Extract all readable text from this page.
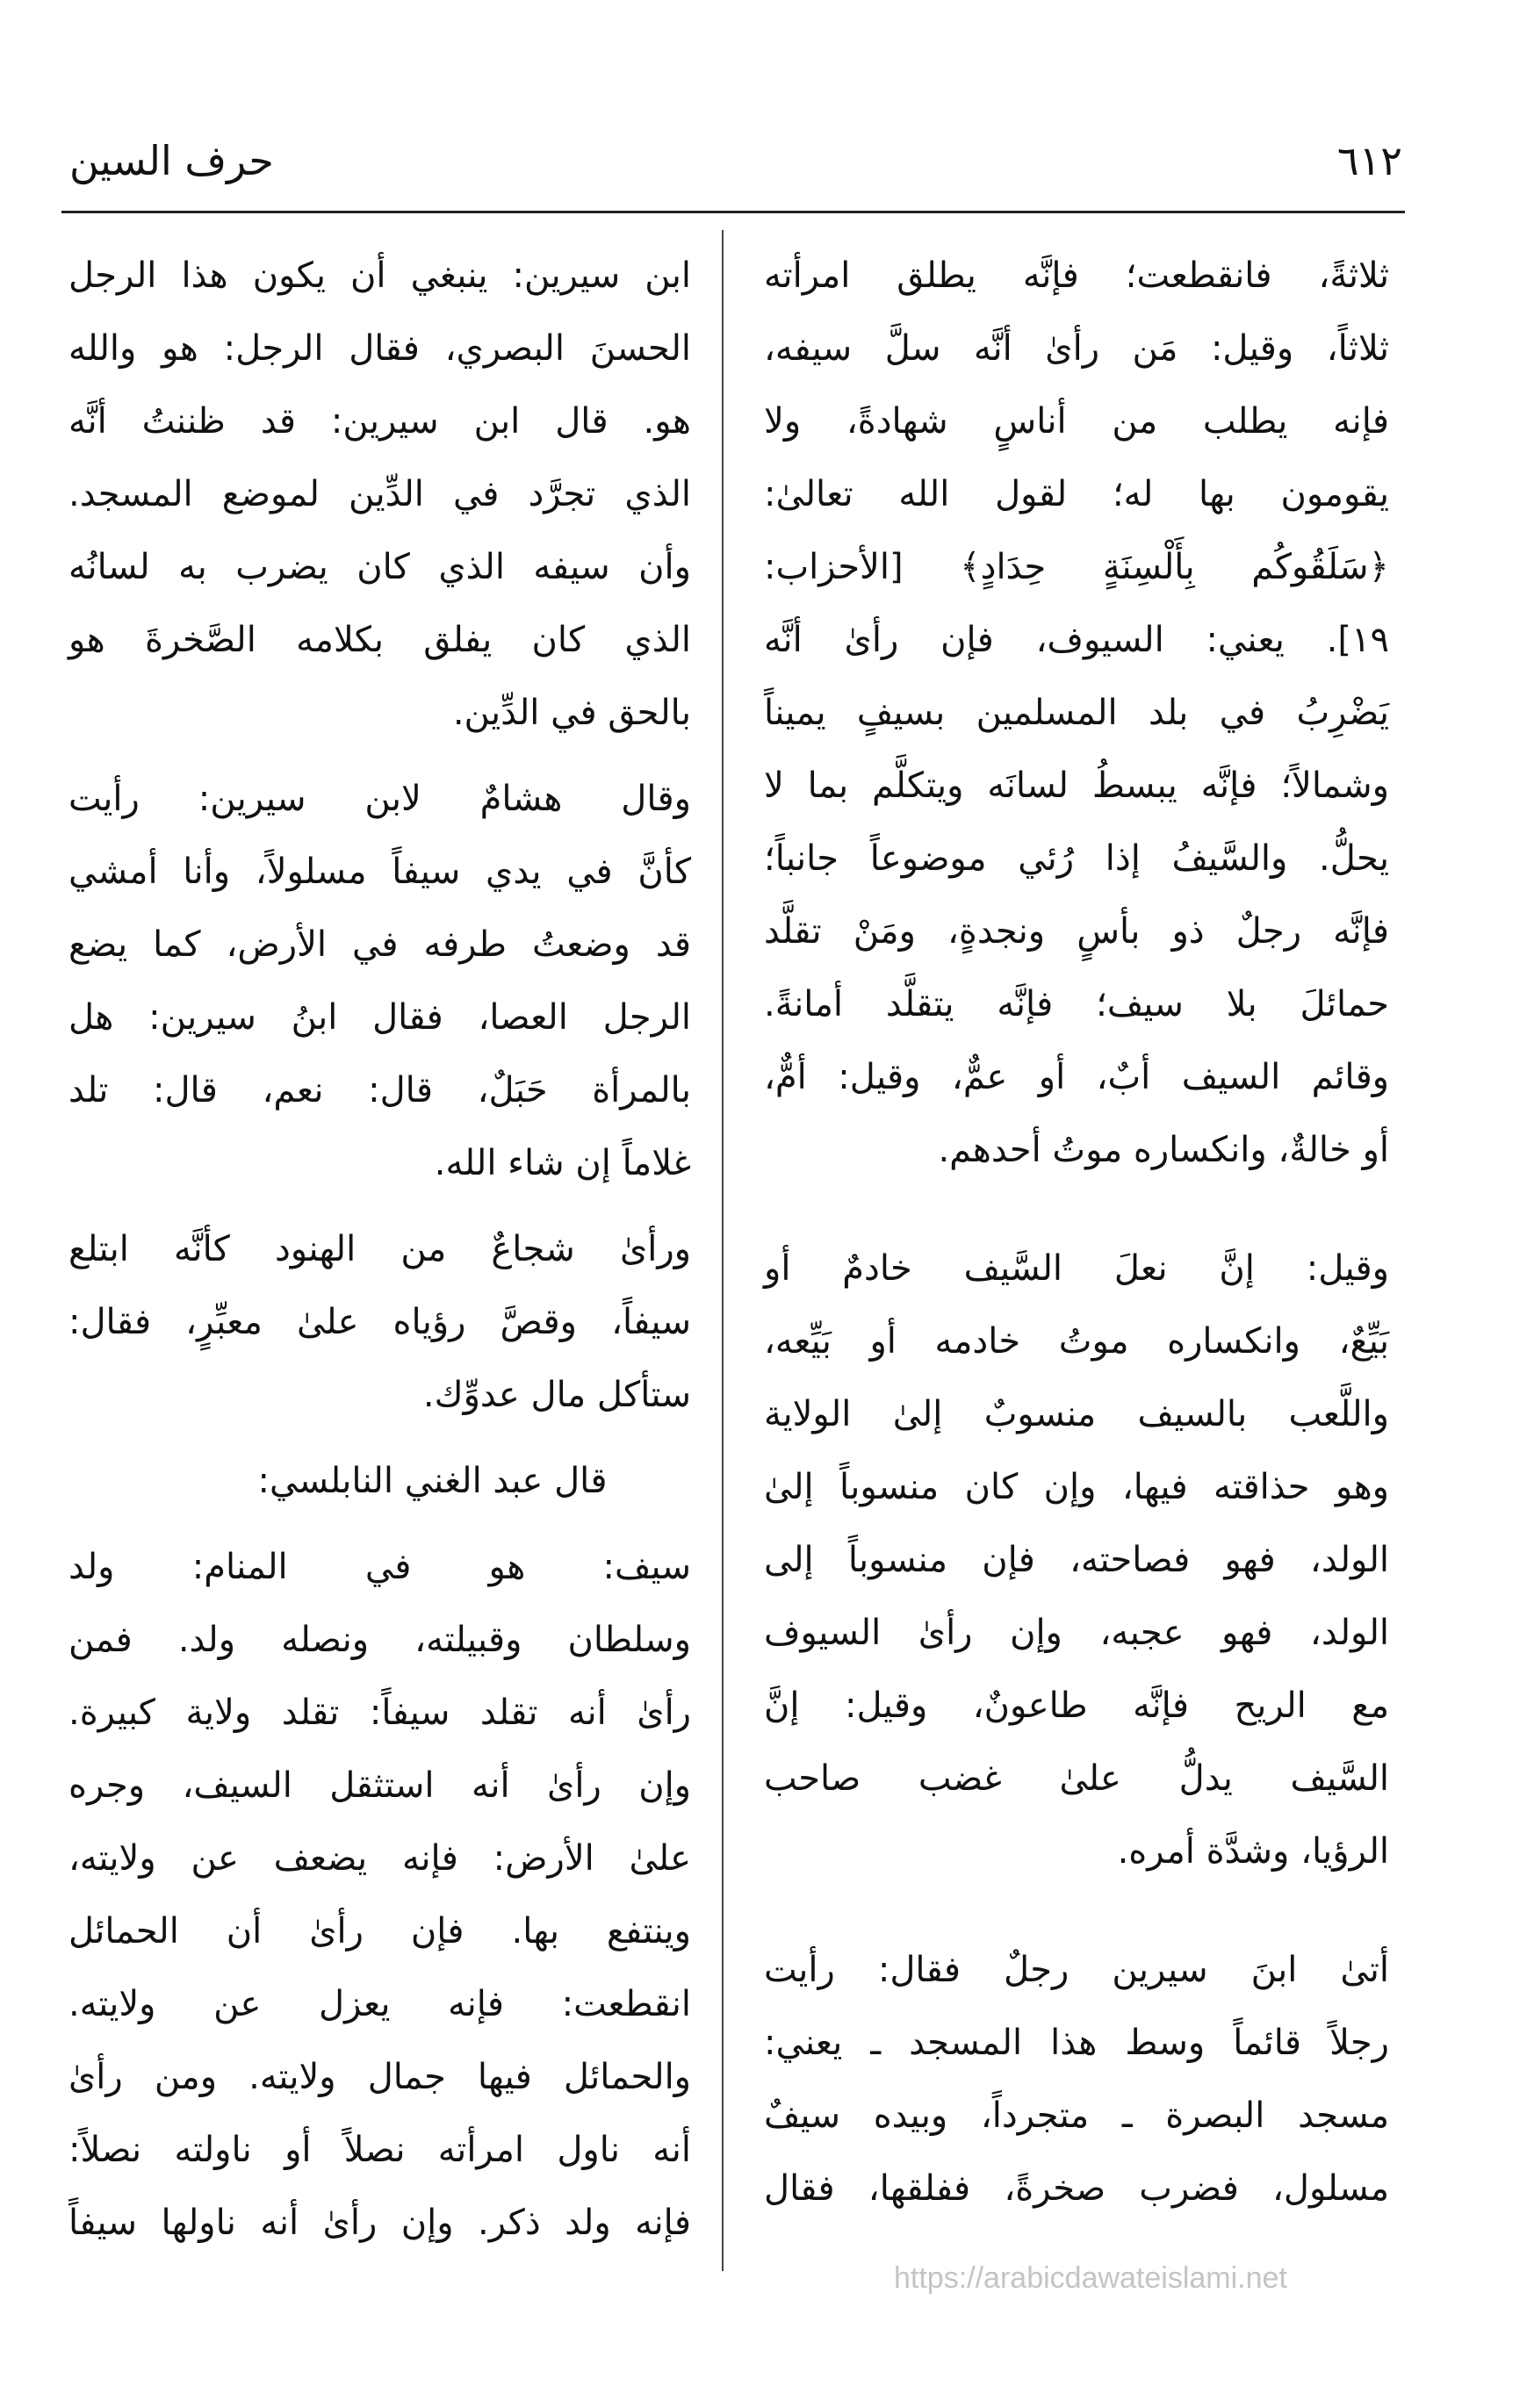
٦١٢
حرف السين
ثلاثةً، فانقطعت؛ فإنَّه يطلق امرأته
ثلاثاً، وقيل: مَن رأىٰ أنَّه سلَّ سيفه،
فإنه يطلب من أناسٍ شهادةً، ولا
يقومون بها له؛ لقول الله تعالىٰ:
﴿سَلَقُوكُم بِأَلْسِنَةٍ حِدَادٍ﴾ [الأحزاب:
١٩]. يعني: السيوف، فإن رأىٰ أنَّه
يَضْرِبُ في بلد المسلمين بسيفٍ يميناً
وشمالاً؛ فإنَّه يبسطُ لسانَه ويتكلَّم بما لا
يحلُّ. والسَّيفُ إذا رُئي موضوعاً جانباً؛
فإنَّه رجلٌ ذو بأسٍ ونجدةٍ، ومَنْ تقلَّد
حمائلَ بلا سيف؛ فإنَّه يتقلَّد أمانةً.
وقائم السيف أبٌ، أو عمٌّ، وقيل: أمٌّ،
أو خالةٌ، وانكساره موتُ أحدهم.
وقيل: إنَّ نعلَ السَّيف خادمٌ أو
بَيِّعٌ، وانكساره موتُ خادمه أو بَيِّعه،
واللَّعب بالسيف منسوبٌ إلىٰ الولاية
وهو حذاقته فيها، وإن كان منسوباً إلىٰ
الولد، فهو فصاحته، فإن منسوباً إلى
الولد، فهو عجبه، وإن رأىٰ السيوف
مع الريح فإنَّه طاعونٌ، وقيل: إنَّ
السَّيف يدلُّ علىٰ غضب صاحب
الرؤيا، وشدَّة أمره.
أتىٰ ابنَ سيرين رجلٌ فقال: رأيت
رجلاً قائماً وسط هذا المسجد ـ يعني:
مسجد البصرة ـ متجرداً، وبيده سيفٌ
مسلول، فضرب صخرةً، ففلقها، فقال
ابن سيرين: ينبغي أن يكون هذا الرجل
الحسنَ البصري، فقال الرجل: هو والله
هو. قال ابن سيرين: قد ظننتُ أنَّه
الذي تجرَّد في الدِّين لموضع المسجد.
وأن سيفه الذي كان يضرب به لسانُه
الذي كان يفلق بكلامه الصَّخرةَ هو
بالحق في الدِّين.
وقال هشامٌ لابن سيرين: رأيت
كأنَّ في يدي سيفاً مسلولاً، وأنا أمشي
قد وضعتُ طرفه في الأرض، كما يضع
الرجل العصا، فقال ابنُ سيرين: هل
بالمرأة حَبَلٌ، قال: نعم، قال: تلد
غلاماً إن شاء الله.
ورأىٰ شجاعٌ من الهنود كأنَّه ابتلع
سيفاً، وقصَّ رؤياه علىٰ معبِّرٍ، فقال:
ستأكل مال عدوِّك.
قال عبد الغني النابلسي:
سيف: هو في المنام: ولد
وسلطان وقبيلته، ونصله ولد. فمن
رأىٰ أنه تقلد سيفاً: تقلد ولاية كبيرة.
وإن رأىٰ أنه استثقل السيف، وجره
علىٰ الأرض: فإنه يضعف عن ولايته،
وينتفع بها. فإن رأىٰ أن الحمائل
انقطعت: فإنه يعزل عن ولايته.
والحمائل فيها جمال ولايته. ومن رأىٰ
أنه ناول امرأته نصلاً أو ناولته نصلاً:
فإنه ولد ذكر. وإن رأىٰ أنه ناولها سيفاً
https://arabicdawateislami.net
